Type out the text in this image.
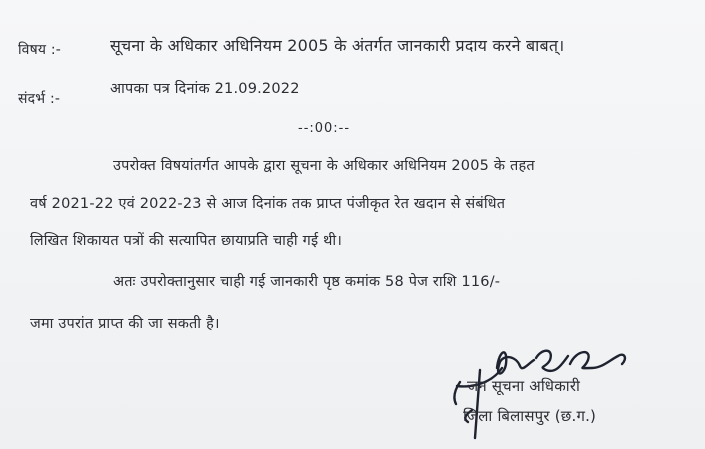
विषय :-	सूचना के अधिकार अधिनियम 2005 के अंतर्गत जानकारी प्रदाय करने बाबत्।
संदर्भ :-
आपका पत्र दिनांक 21.09.2022
--:00:--
उपरोक्त विषयांतर्गत आपके द्वारा सूचना के अधिकार अधिनियम 2005 के तहत
वर्ष 2021-22 एवं 2022-23 से आज दिनांक तक प्राप्त पंजीकृत रेत खदान से संबंधित
लिखित शिकायत पत्रों की सत्यापित छायाप्रति चाही गई थी।
अतः उपरोक्तानुसार चाही गई जानकारी पृष्ठ कमांक 58 पेज राशि 116/-
जमा उपरांत प्राप्त की जा सकती है।
जन सूचना अधिकारी
जिला बिलासपुर (छ.ग.)
